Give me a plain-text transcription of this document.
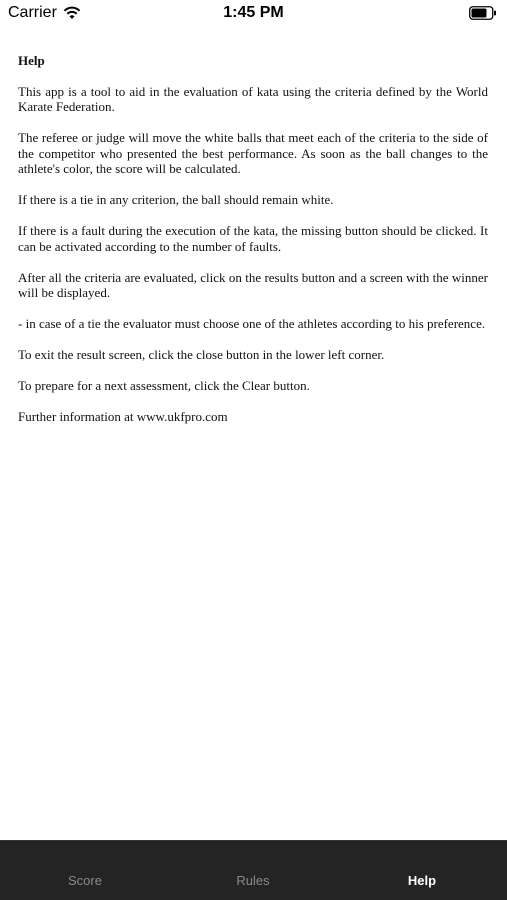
Carrier	1:45 PM
Help

This app is a tool to aid in the evaluation of kata using the criteria defined by the World Karate Federation.

The referee or judge will move the white balls that meet each of the criteria to the side of the competitor who presented the best performance. As soon as the ball changes to the athlete's color, the score will be calculated.

If there is a tie in any criterion, the ball should remain white.

If there is a fault during the execution of the kata, the missing button should be clicked. It can be activated according to the number of faults.

After all the criteria are evaluated, click on the results button and a screen with the winner will be displayed.

- in case of a tie the evaluator must choose one of the athletes according to his preference.

To exit the result screen, click the close button in the lower left corner.

To prepare for a next assessment, click the Clear button.

Further information at www.ukfpro.com

Score	Rules	Help
